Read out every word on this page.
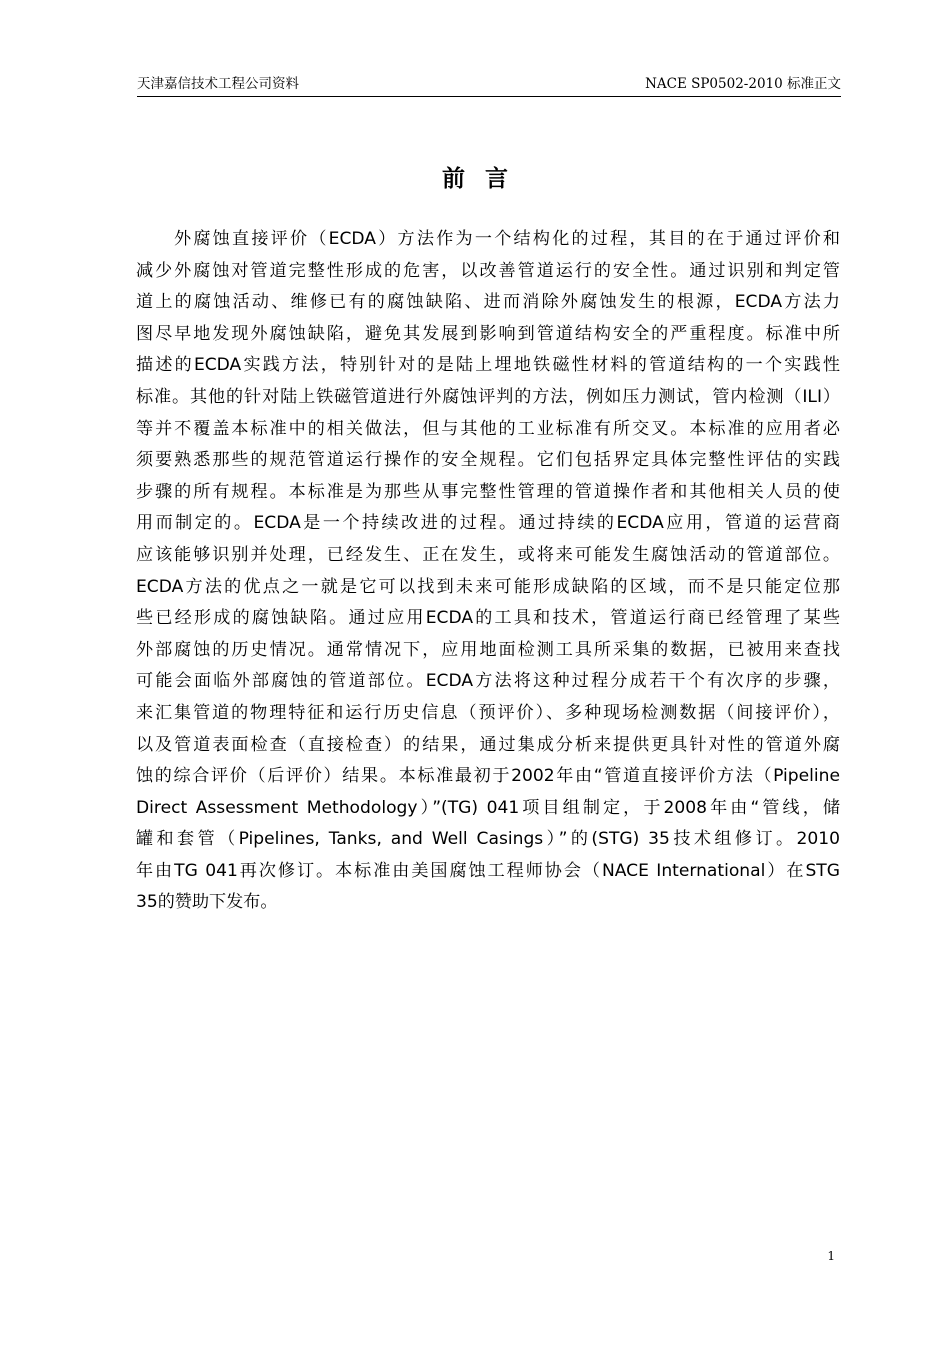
天津嘉信技术工程公司资料	NACE SP0502-2010 标准正文
前言
外腐蚀直接评价（ECDA）方法作为一个结构化的过程，其目的在于通过评价和
减少外腐蚀对管道完整性形成的危害，以改善管道运行的安全性。通过识别和判定管
道上的腐蚀活动、维修已有的腐蚀缺陷、进而消除外腐蚀发生的根源，ECDA方法力
图尽早地发现外腐蚀缺陷，避免其发展到影响到管道结构安全的严重程度。标准中所
描述的ECDA实践方法，特别针对的是陆上埋地铁磁性材料的管道结构的一个实践性
标准。其他的针对陆上铁磁管道进行外腐蚀评判的方法，例如压力测试，管内检测（ILI）
等并不覆盖本标准中的相关做法，但与其他的工业标准有所交叉。本标准的应用者必
须要熟悉那些的规范管道运行操作的安全规程。它们包括界定具体完整性评估的实践
步骤的所有规程。本标准是为那些从事完整性管理的管道操作者和其他相关人员的使
用而制定的。ECDA是一个持续改进的过程。通过持续的ECDA应用，管道的运营商
应该能够识别并处理，已经发生、正在发生，或将来可能发生腐蚀活动的管道部位。
ECDA方法的优点之一就是它可以找到未来可能形成缺陷的区域，而不是只能定位那
些已经形成的腐蚀缺陷。通过应用ECDA的工具和技术，管道运行商已经管理了某些
外部腐蚀的历史情况。通常情况下，应用地面检测工具所采集的数据，已被用来查找
可能会面临外部腐蚀的管道部位。ECDA方法将这种过程分成若干个有次序的步骤，
来汇集管道的物理特征和运行历史信息（预评价）、多种现场检测数据（间接评价），
以及管道表面检查（直接检查）的结果，通过集成分析来提供更具针对性的管道外腐
蚀的综合评价（后评价）结果。本标准最初于2002年由“管道直接评价方法（Pipeline
Direct Assessment Methodology）”(TG) 041项目组制定，于2008年由“管线，储
罐和套管（Pipelines, Tanks, and Well Casings）”的(STG) 35技术组修订。2010
年由TG 041再次修订。本标准由美国腐蚀工程师协会（NACE International）在STG
35的赞助下发布。
1
